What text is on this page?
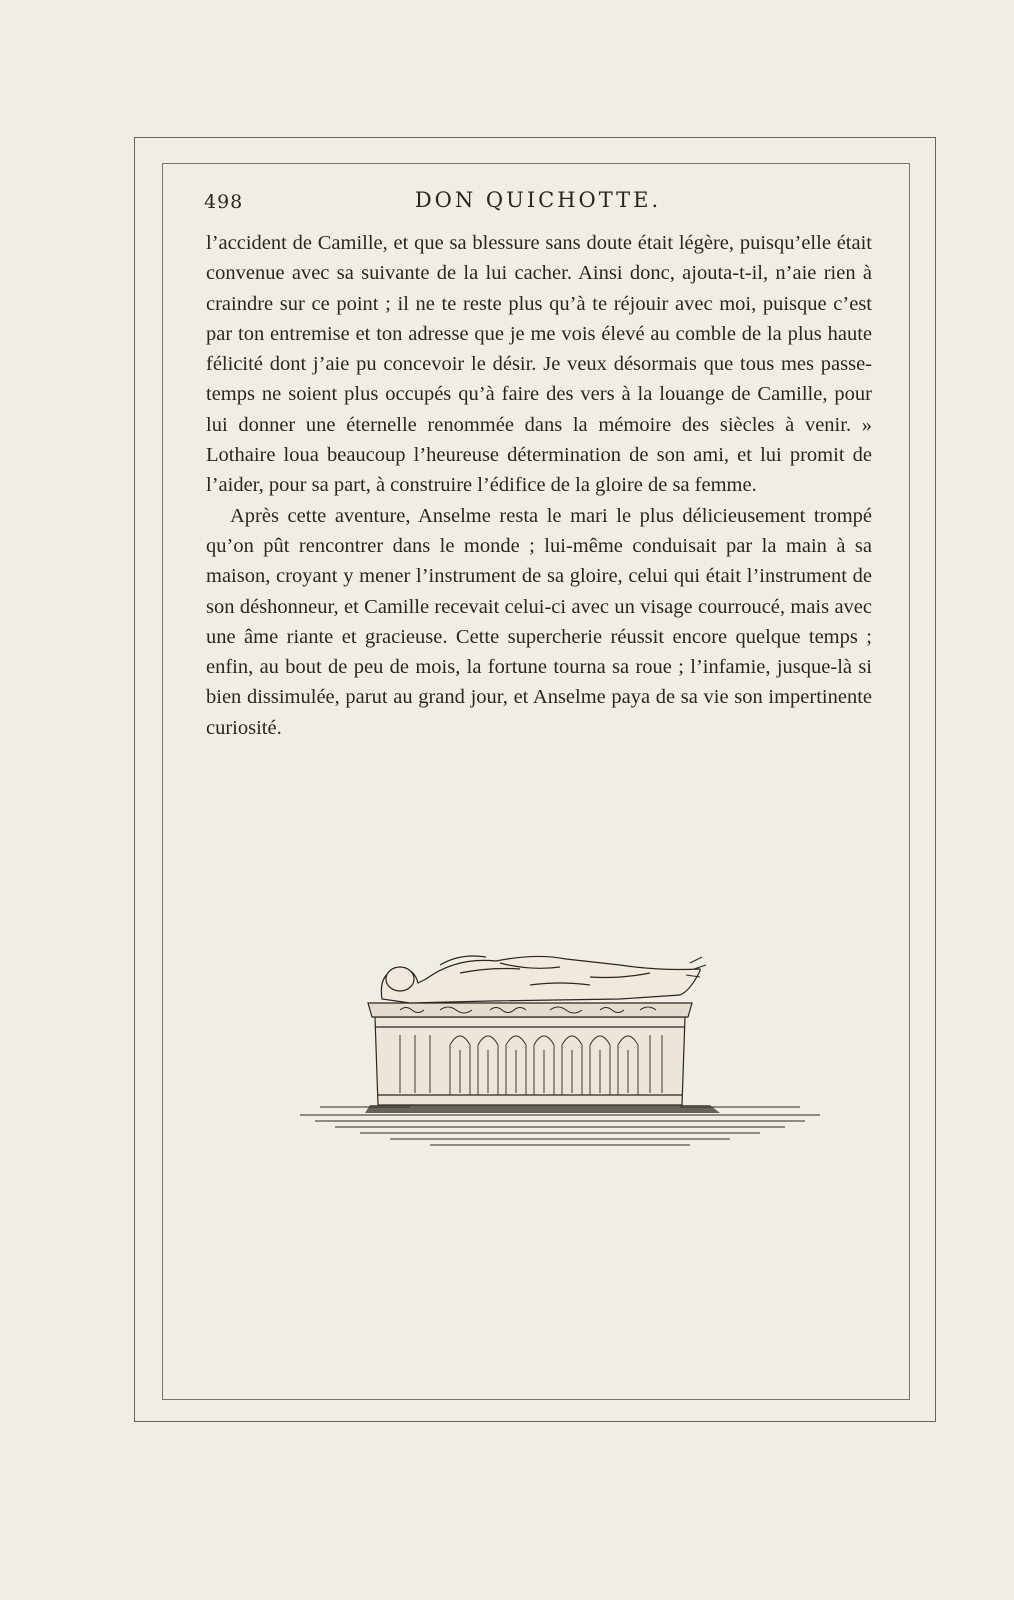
498	DON QUICHOTTE.

l’accident de Camille, et que sa blessure sans doute était légère, puisqu’elle était convenue avec sa suivante de la lui cacher. Ainsi donc, ajouta-t-il, n’aie rien à craindre sur ce point ; il ne te reste plus qu’à te réjouir avec moi, puisque c’est par ton entremise et ton adresse que je me vois élevé au comble de la plus haute félicité dont j’aie pu concevoir le désir. Je veux désormais que tous mes passe-temps ne soient plus occupés qu’à faire des vers à la louange de Camille, pour lui donner une éternelle renommée dans la mémoire des siècles à venir. » Lothaire loua beaucoup l’heureuse détermination de son ami, et lui promit de l’aider, pour sa part, à construire l’édifice de la gloire de sa femme.

Après cette aventure, Anselme resta le mari le plus délicieusement trompé qu’on pût rencontrer dans le monde ; lui-même conduisait par la main à sa maison, croyant y mener l’instrument de sa gloire, celui qui était l’instrument de son déshonneur, et Camille recevait celui-ci avec un visage courroucé, mais avec une âme riante et gracieuse. Cette supercherie réussit encore quelque temps ; enfin, au bout de peu de mois, la fortune tourna sa roue ; l’infamie, jusque-là si bien dissimulée, parut au grand jour, et Anselme paya de sa vie son impertinente curiosité.
